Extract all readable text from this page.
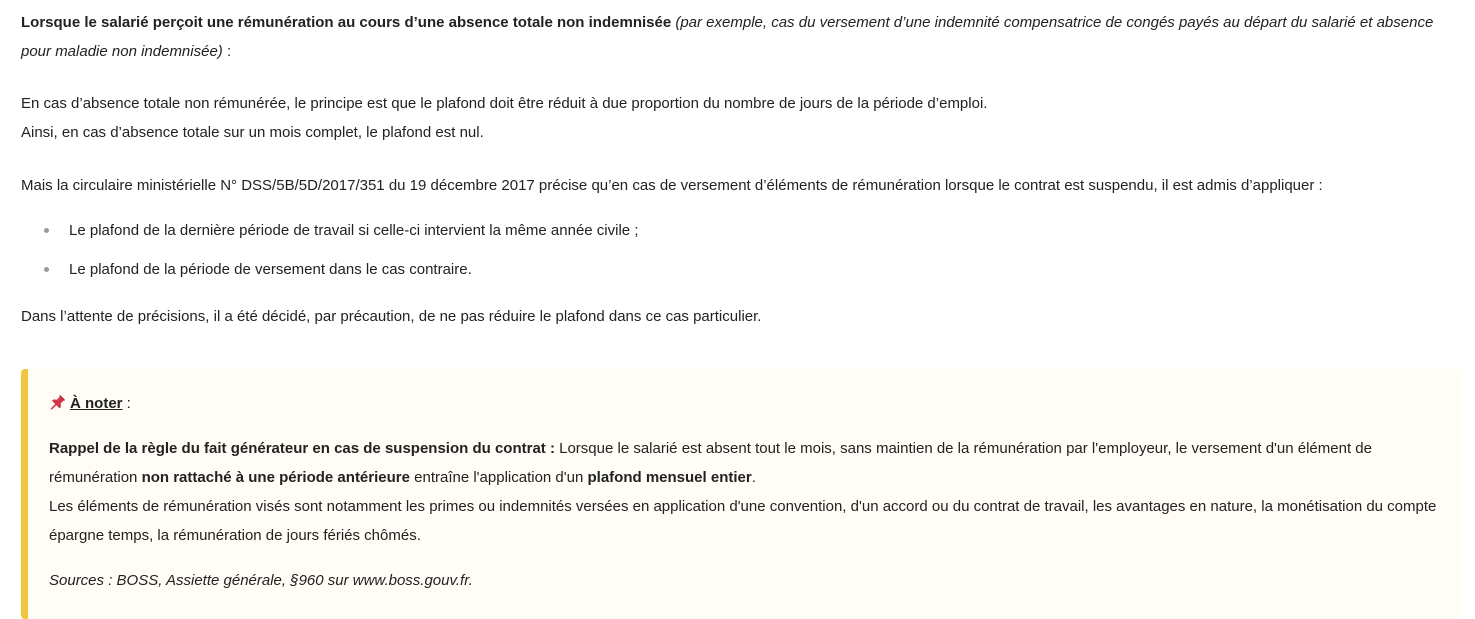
Lorsque le salarié perçoit une rémunération au cours d’une absence totale non indemnisée (par exemple, cas du versement d’une indemnité compensatrice de congés payés au départ du salarié et absence pour maladie non indemnisée) :

En cas d’absence totale non rémunérée, le principe est que le plafond doit être réduit à due proportion du nombre de jours de la période d’emploi.

Ainsi, en cas d’absence totale sur un mois complet, le plafond est nul.

Mais la circulaire ministérielle N° DSS/5B/5D/2017/351 du 19 décembre 2017 précise qu’en cas de versement d’éléments de rémunération lorsque le contrat est suspendu, il est admis d’appliquer :

Le plafond de la dernière période de travail si celle-ci intervient la même année civile ;
Le plafond de la période de versement dans le cas contraire.

Dans l’attente de précisions, il a été décidé, par précaution, de ne pas réduire le plafond dans ce cas particulier.

À noter :

Rappel de la règle du fait générateur en cas de suspension du contrat : Lorsque le salarié est absent tout le mois, sans maintien de la rémunération par l'employeur, le versement d'un élément de rémunération non rattaché à une période antérieure entraîne l'application d'un plafond mensuel entier.

Les éléments de rémunération visés sont notamment les primes ou indemnités versées en application d'une convention, d'un accord ou du contrat de travail, les avantages en nature, la monétisation du compte épargne temps, la rémunération de jours fériés chômés.

Sources : BOSS, Assiette générale, §960 sur www.boss.gouv.fr.
